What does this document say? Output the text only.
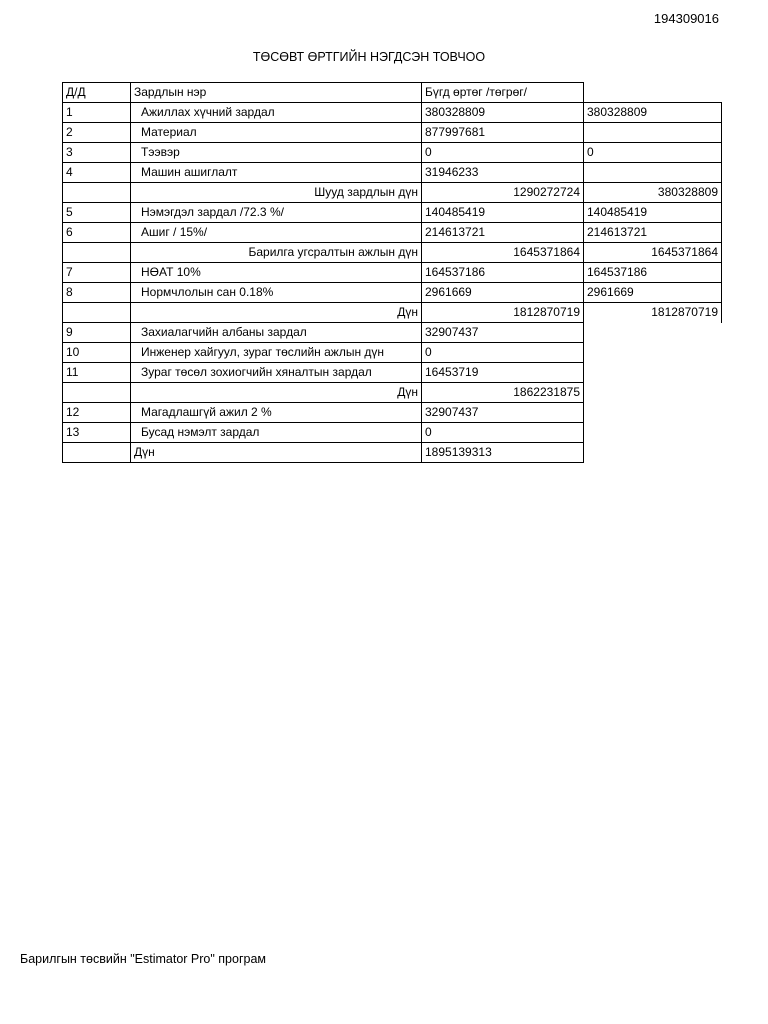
194309016
ТӨСӨВТ ӨРТГИЙН НЭГДСЭН ТОВЧОО
Д/Д	Зардлын нэр	Бүгд өртөг /төгрөг/	
1	Ажиллах хүчний зардал	380328809	380328809
2	Материал	877997681	
3	Тээвэр	0	0
4	Машин ашиглалт	31946233	
	Шууд зардлын дүн	1290272724	380328809
5	Нэмэгдэл зардал /72.3 %/	140485419	140485419
6	Ашиг / 15%/	214613721	214613721
	Барилга угсралтын ажлын дүн	1645371864	1645371864
7	НӨАТ 10%	164537186	164537186
8	Нормчлолын сан 0.18%	2961669	2961669
	Дүн	1812870719	1812870719
9	Захиалагчийн албаны зардал	32907437	
10	Инженер хайгуул, зураг төслийн ажлын дүн	0	
11	Зураг төсөл зохиогчийн хяналтын зардал	16453719	
	Дүн	1862231875	
12	Магадлашгүй ажил 2 %	32907437	
13	Бусад нэмэлт зардал	0	
	Дүн	1895139313	
Барилгын төсвийн "Estimator Pro" програм
